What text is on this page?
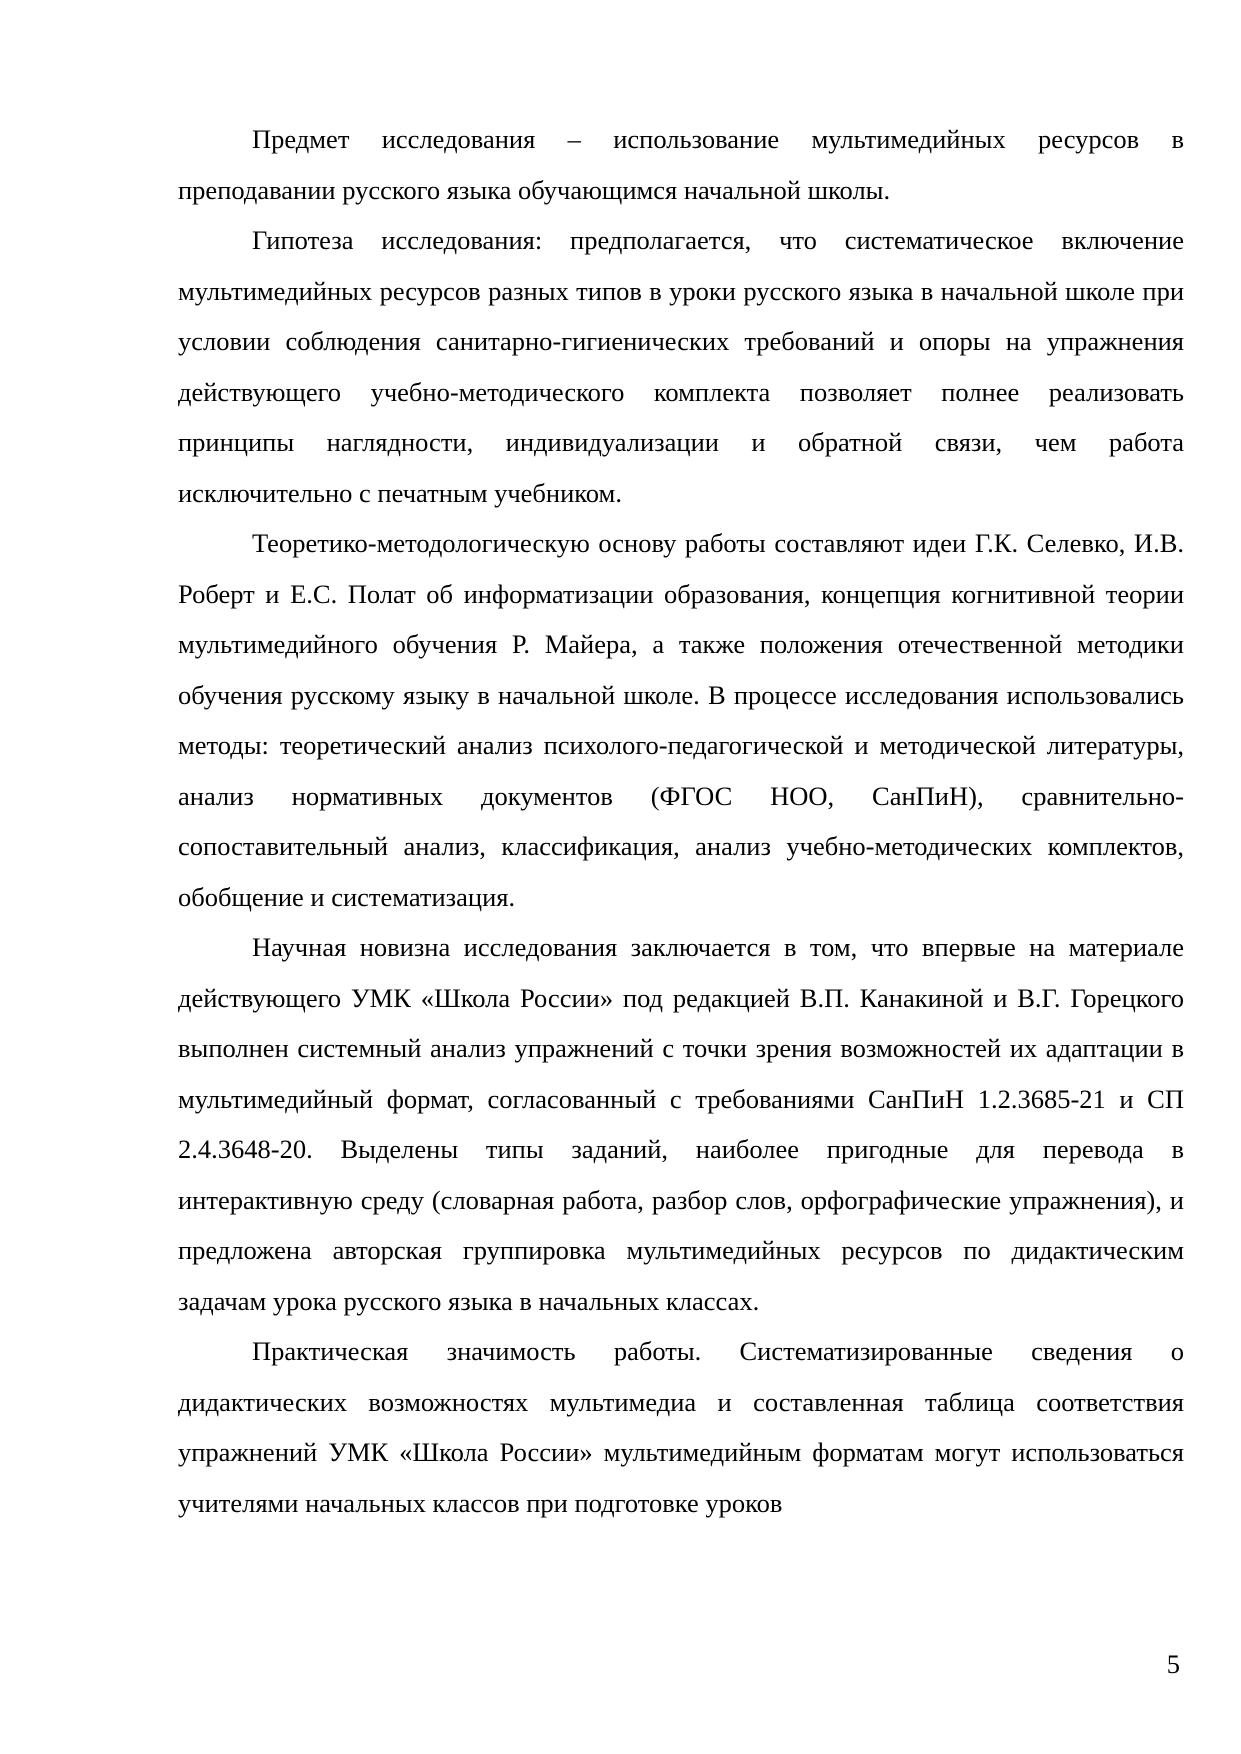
Предмет исследования – использование мультимедийных ресурсов в преподавании русского языка обучающимся начальной школы.

Гипотеза исследования: предполагается, что систематическое включение мультимедийных ресурсов разных типов в уроки русского языка в начальной школе при условии соблюдения санитарно-гигиенических требований и опоры на упражнения действующего учебно-методического комплекта позволяет полнее реализовать принципы наглядности, индивидуализации и обратной связи, чем работа исключительно с печатным учебником.

Теоретико-методологическую основу работы составляют идеи Г.К. Селевко, И.В. Роберт и Е.С. Полат об информатизации образования, концепция когнитивной теории мультимедийного обучения Р. Майера, а также положения отечественной методики обучения русскому языку в начальной школе. В процессе исследования использовались методы: теоретический анализ психолого-педагогической и методической литературы, анализ нормативных документов (ФГОС НОО, СанПиН), сравнительно-сопоставительный анализ, классификация, анализ учебно-методических комплектов, обобщение и систематизация.

Научная новизна исследования заключается в том, что впервые на материале действующего УМК «Школа России» под редакцией В.П. Канакиной и В.Г. Горецкого выполнен системный анализ упражнений с точки зрения возможностей их адаптации в мультимедийный формат, согласованный с требованиями СанПиН 1.2.3685-21 и СП 2.4.3648-20. Выделены типы заданий, наиболее пригодные для перевода в интерактивную среду (словарная работа, разбор слов, орфографические упражнения), и предложена авторская группировка мультимедийных ресурсов по дидактическим задачам урока русского языка в начальных классах.

Практическая значимость работы. Систематизированные сведения о дидактических возможностях мультимедиа и составленная таблица соответствия упражнений УМК «Школа России» мультимедийным форматам могут использоваться учителями начальных классов при подготовке уроков

5
